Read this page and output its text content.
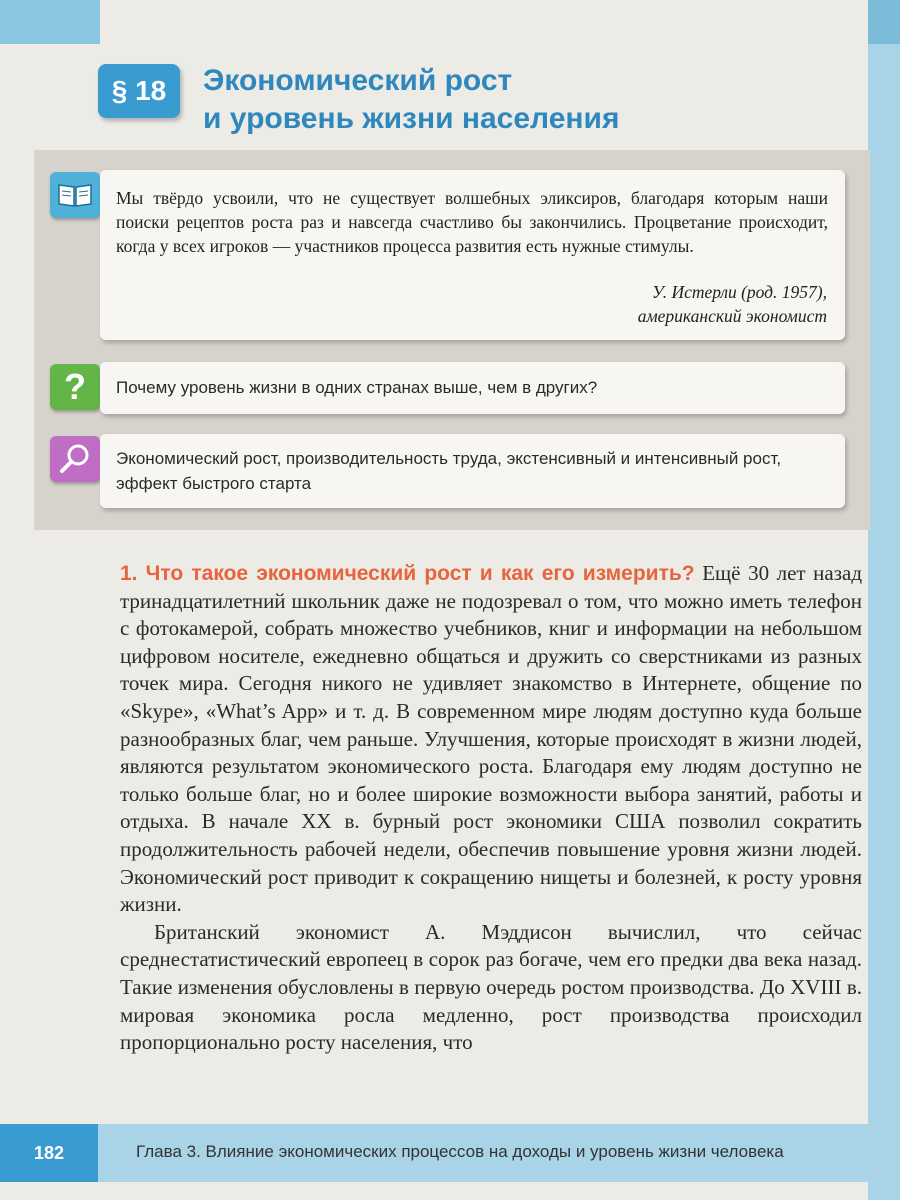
§ 18	Экономический рост
и уровень жизни населения

Мы твёрдо усвоили, что не существует волшебных эликсиров, благодаря которым наши поиски рецептов роста раз и навсегда счастливо бы закончились. Процветание происходит, когда у всех игроков — участников процесса развития есть нужные стимулы.

У. Истерли (род. 1957),
американский экономист
?	Почему уровень жизни в одних странах выше, чем в других?

Экономический рост, производительность труда, экстенсивный и интенсивный рост, эффект быстрого старта

1. Что такое экономический рост и как его измерить? Ещё 30 лет назад тринадцатилетний школьник даже не подозревал о том, что можно иметь телефон с фотокамерой, собрать множество учебников, книг и информации на небольшом цифровом носителе, ежедневно общаться и дружить со сверстниками из разных точек мира. Сегодня никого не удивляет знакомство в Интернете, общение по «Skype», «What’s App» и т. д. В современном мире людям доступно куда больше разнообразных благ, чем раньше. Улучшения, которые происходят в жизни людей, являются результатом экономического роста. Благодаря ему людям доступно не только больше благ, но и более широкие возможности выбора занятий, работы и отдыха. В начале XX в. бурный рост экономики США позволил сократить продолжительность рабочей недели, обеспечив повышение уровня жизни людей. Экономический рост приводит к сокращению нищеты и болезней, к росту уровня жизни.

Британский экономист А. Мэддисон вычислил, что сейчас среднестатистический европеец в сорок раз богаче, чем его предки два века назад. Такие изменения обусловлены в первую очередь ростом производства. До XVIII в. мировая экономика росла медленно, рост производства происходил пропорционально росту населения, что

182	Глава 3. Влияние экономических процессов на доходы и уровень жизни человека
